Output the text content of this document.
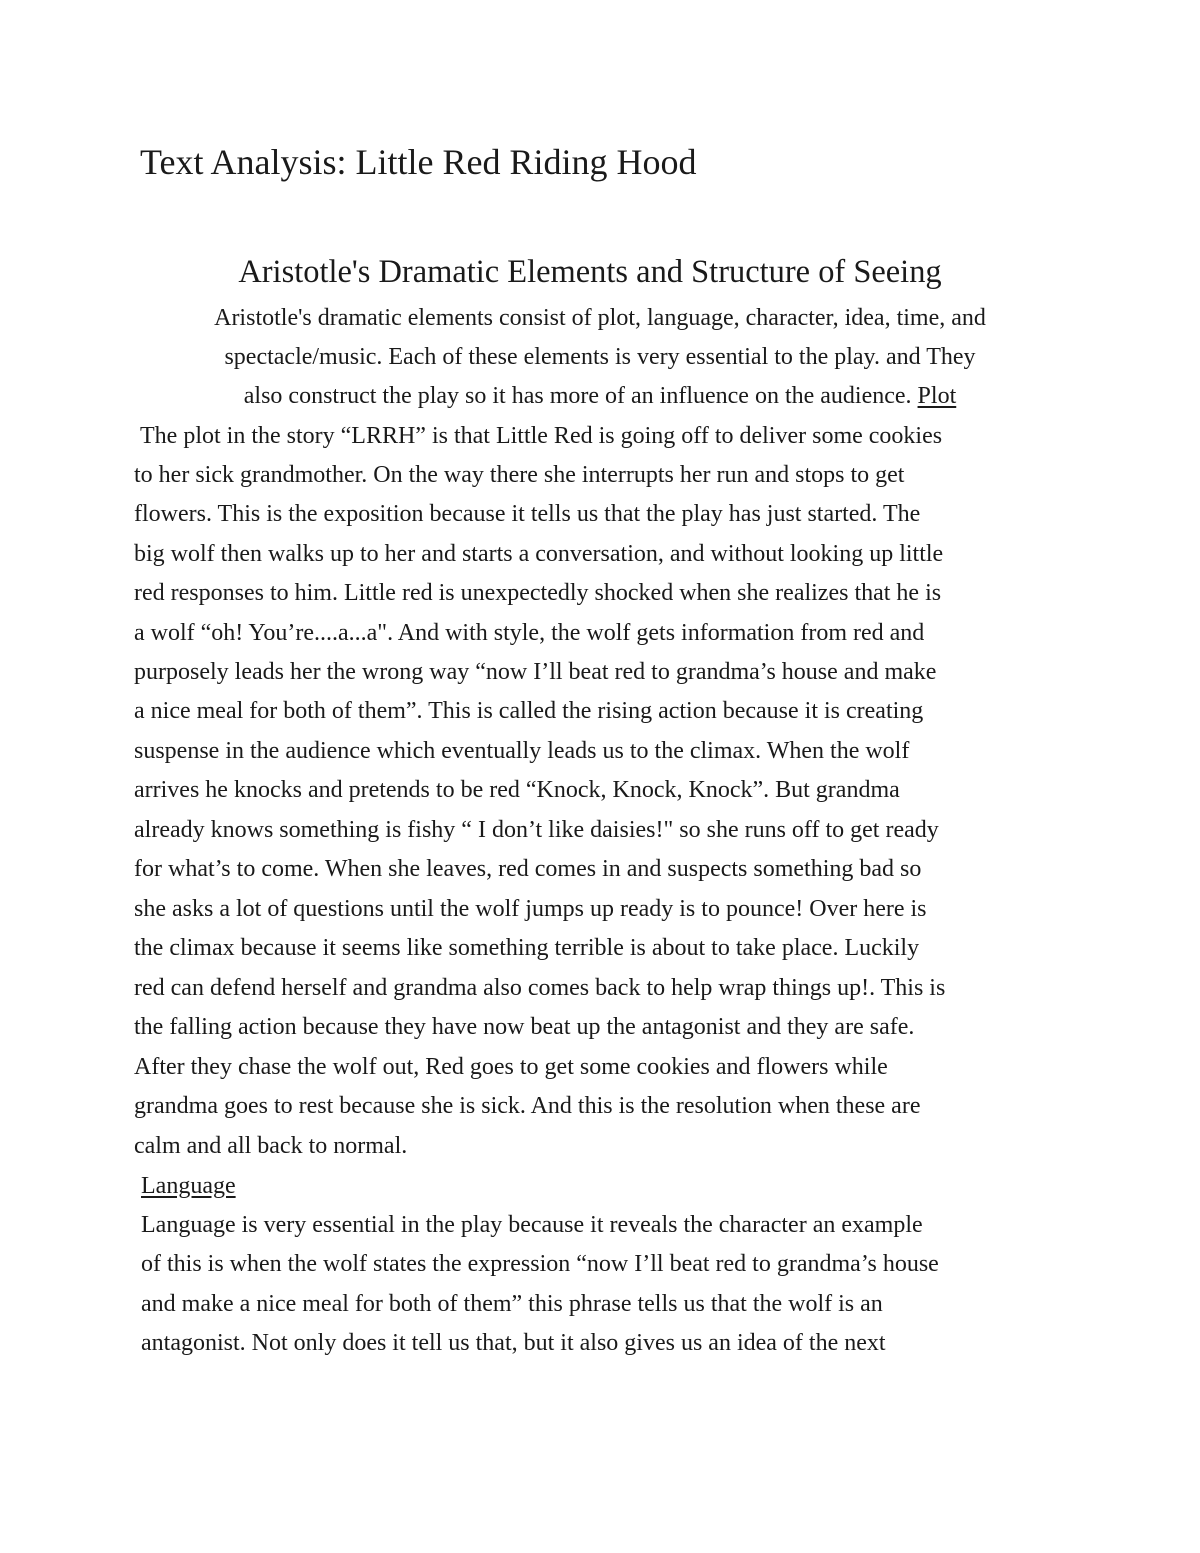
Text Analysis: Little Red Riding Hood
Aristotle's Dramatic Elements and Structure of Seeing
Aristotle's dramatic elements consist of plot, language, character, idea, time, and
spectacle/music. Each of these elements is very essential to the play. and They
also construct the play so it has more of an influence on the audience. Plot
The plot in the story “LRRH” is that Little Red is going off to deliver some cookies
to her sick grandmother. On the way there she interrupts her run and stops to get
flowers. This is the exposition because it tells us that the play has just started. The
big wolf then walks up to her and starts a conversation, and without looking up little
red responses to him. Little red is unexpectedly shocked when she realizes that he is
a wolf “oh! You’re....a...a". And with style, the wolf gets information from red and
purposely leads her the wrong way “now I’ll beat red to grandma’s house and make
a nice meal for both of them”. This is called the rising action because it is creating
suspense in the audience which eventually leads us to the climax. When the wolf
arrives he knocks and pretends to be red “Knock, Knock, Knock”. But grandma
already knows something is fishy “ I don’t like daisies!" so she runs off to get ready
for what’s to come. When she leaves, red comes in and suspects something bad so
she asks a lot of questions until the wolf jumps up ready is to pounce! Over here is
the climax because it seems like something terrible is about to take place. Luckily
red can defend herself and grandma also comes back to help wrap things up!. This is
the falling action because they have now beat up the antagonist and they are safe.
After they chase the wolf out, Red goes to get some cookies and flowers while
grandma goes to rest because she is sick. And this is the resolution when these are
calm and all back to normal.
Language
Language is very essential in the play because it reveals the character an example
of this is when the wolf states the expression “now I’ll beat red to grandma’s house
and make a nice meal for both of them” this phrase tells us that the wolf is an
antagonist. Not only does it tell us that, but it also gives us an idea of the next
